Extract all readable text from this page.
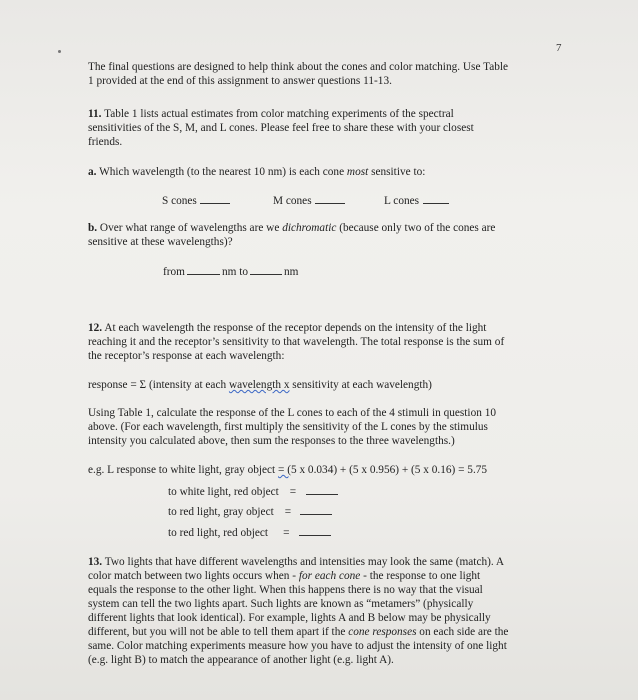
7
The final questions are designed to help think about the cones and color matching. Use Table
1 provided at the end of this assignment to answer questions 11-13.
11. Table 1 lists actual estimates from color matching experiments of the spectral
sensitivities of the S, M, and L cones. Please feel free to share these with your closest
friends.
a. Which wavelength (to the nearest 10 nm) is each cone most sensitive to:
S cones	M cones	L cones
b. Over what range of wavelengths are we dichromatic (because only two of the cones are
sensitive at these wavelengths)?
from	nm to	nm
12. At each wavelength the response of the receptor depends on the intensity of the light
reaching it and the receptor’s sensitivity to that wavelength. The total response is the sum of
the receptor’s response at each wavelength:
response = Σ (intensity at each wavelength x sensitivity at each wavelength)
Using Table 1, calculate the response of the L cones to each of the 4 stimuli in question 10
above. (For each wavelength, first multiply the sensitivity of the L cones by the stimulus
intensity you calculated above, then sum the responses to the three wavelengths.)
e.g. L response to white light, gray object = (5 x 0.034) + (5 x 0.956) + (5 x 0.16) = 5.75
to white light, red object =
to red light, gray object =
to red light, red object =
13. Two lights that have different wavelengths and intensities may look the same (match). A
color match between two lights occurs when - for each cone - the response to one light
equals the response to the other light. When this happens there is no way that the visual
system can tell the two lights apart. Such lights are known as “metamers” (physically
different lights that look identical). For example, lights A and B below may be physically
different, but you will not be able to tell them apart if the cone responses on each side are the
same. Color matching experiments measure how you have to adjust the intensity of one light
(e.g. light B) to match the appearance of another light (e.g. light A).
